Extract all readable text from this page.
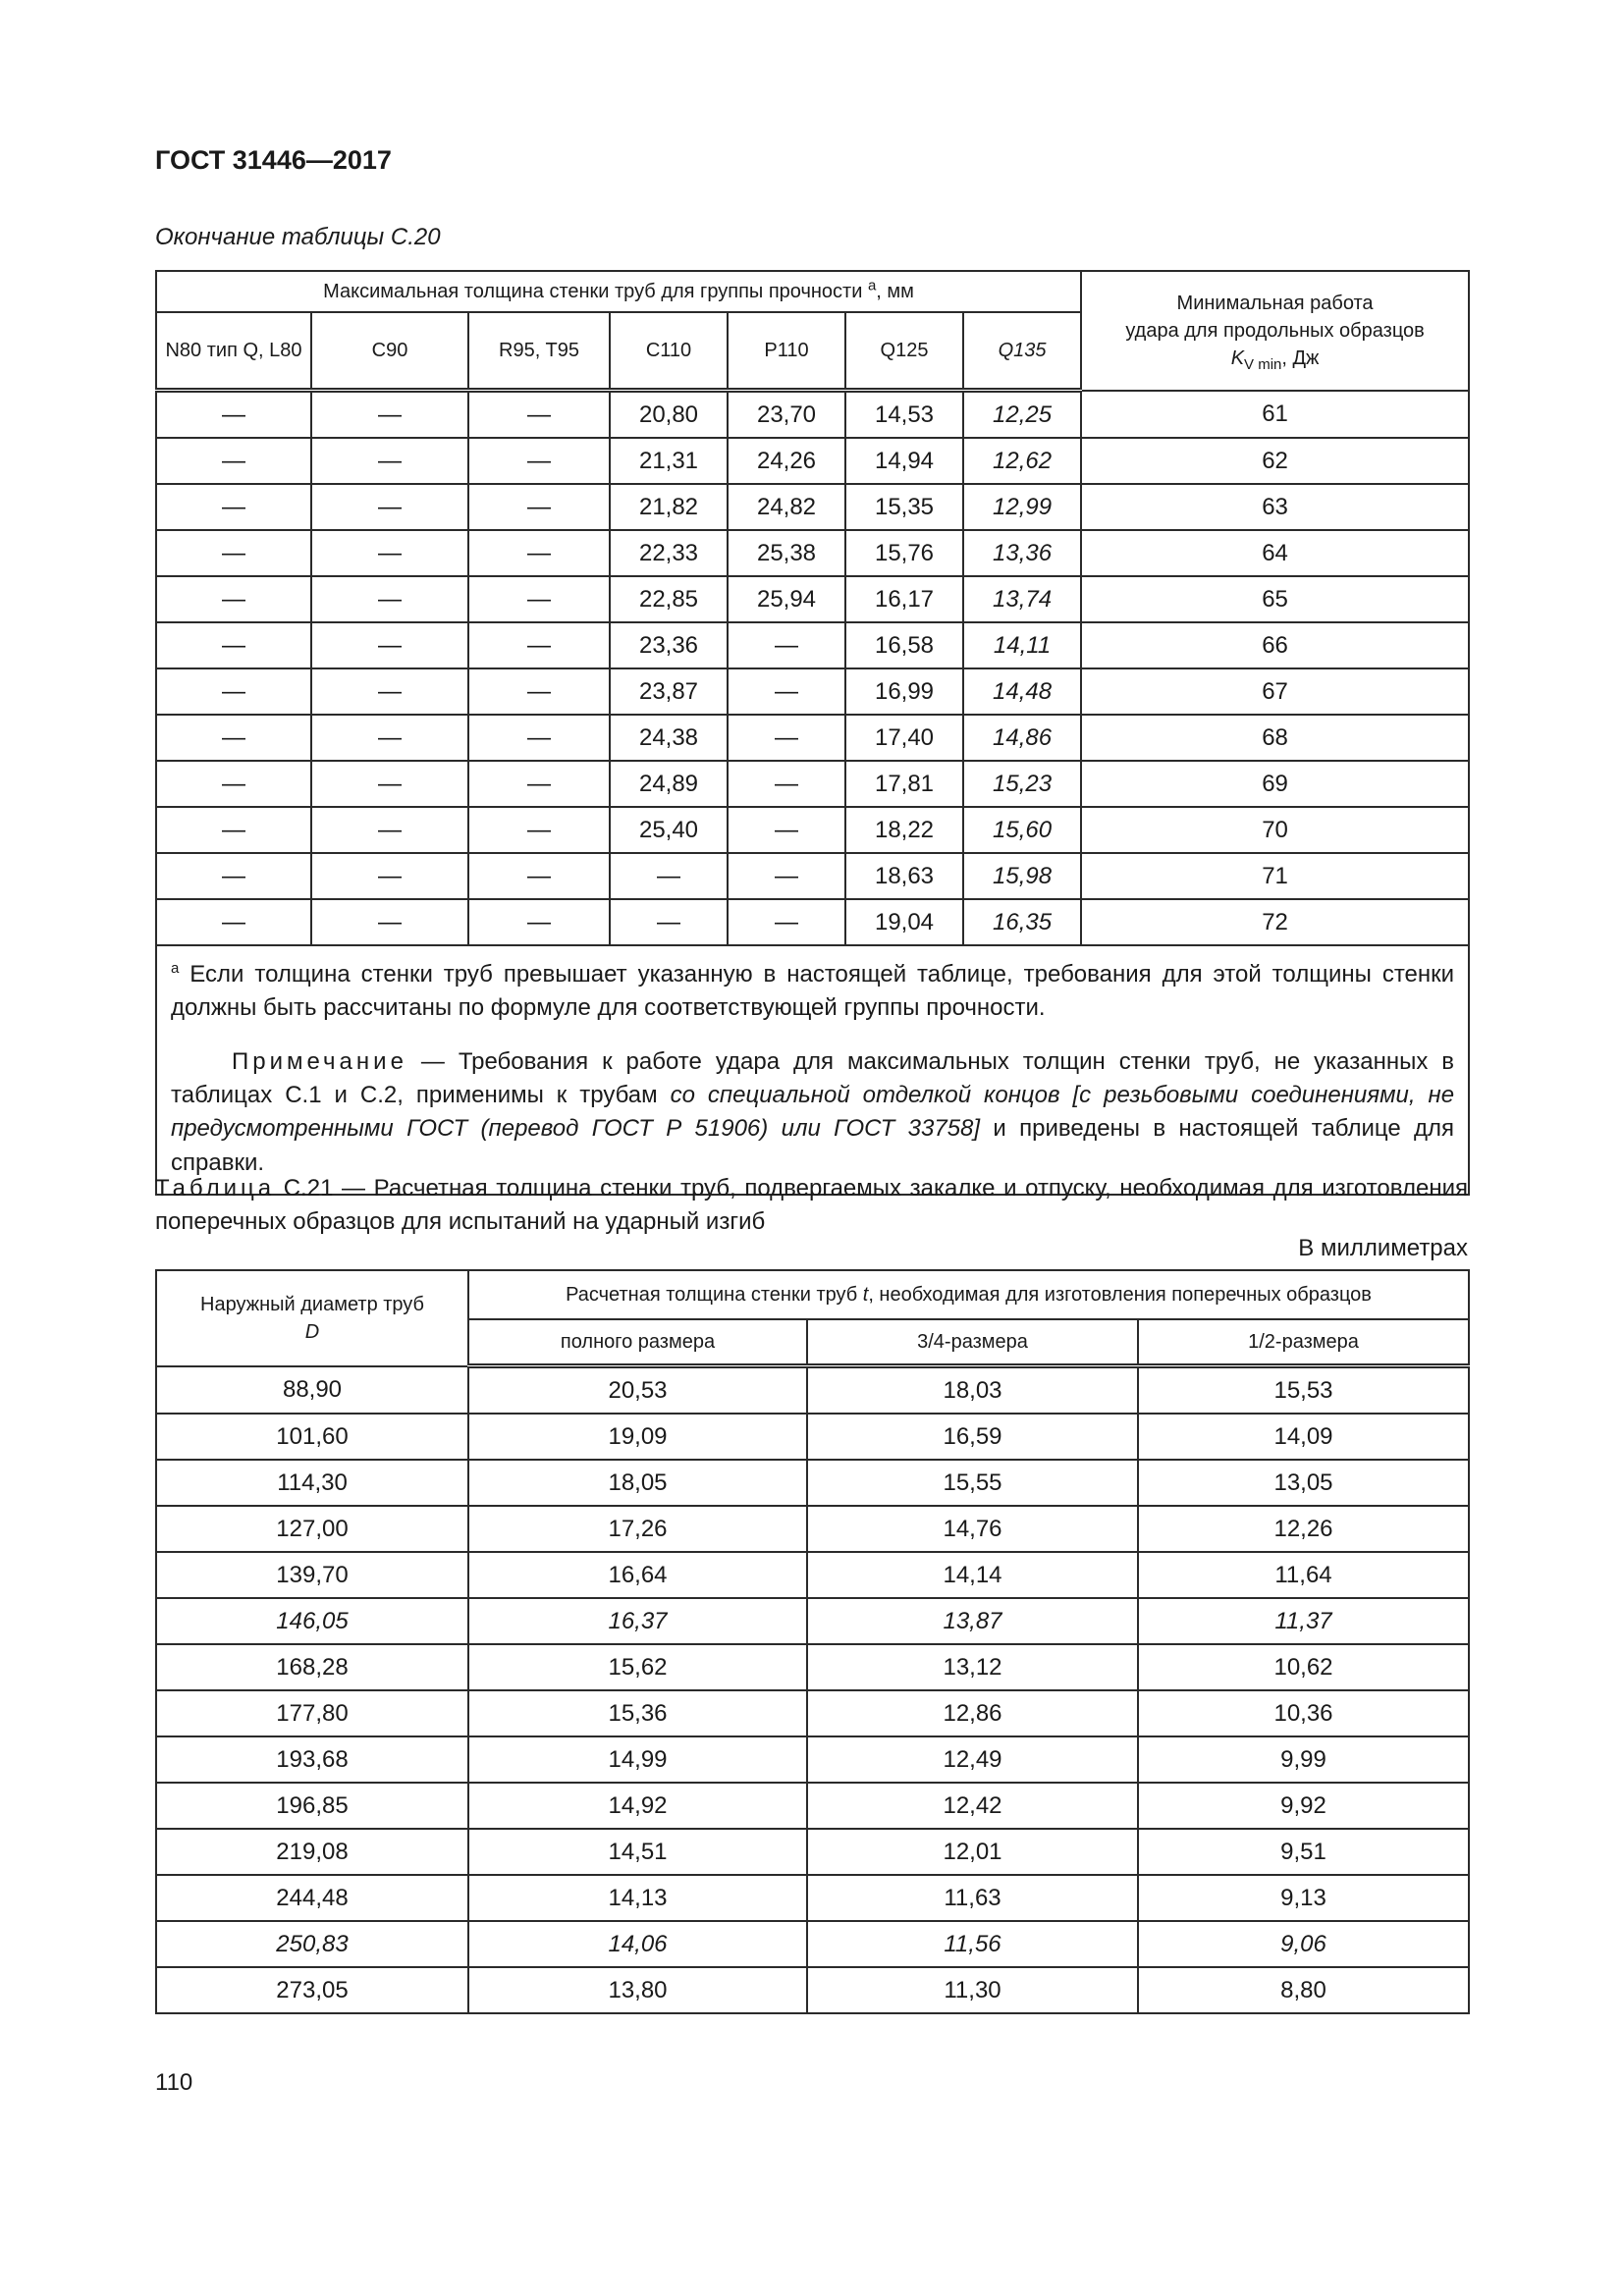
ГОСТ 31446—2017
Окончание таблицы С.20
Максимальная толщина стенки труб для группы прочности $^a$, мм							Минимальная работа
удара для продольных образцов
$K_{V min}$, Дж
N80 тип Q, L80	C90	R95, T95	C110	P110	Q125	Q135	
—	—	—	20,80	23,70	14,53	12,25	61
—	—	—	21,31	24,26	14,94	12,62	62
—	—	—	21,82	24,82	15,35	12,99	63
—	—	—	22,33	25,38	15,76	13,36	64
—	—	—	22,85	25,94	16,17	13,74	65
—	—	—	23,36	—	16,58	14,11	66
—	—	—	23,87	—	16,99	14,48	67
—	—	—	24,38	—	17,40	14,86	68
—	—	—	24,89	—	17,81	15,23	69
—	—	—	25,40	—	18,22	15,60	70
—	—	—	—	—	18,63	15,98	71
—	—	—	—	—	19,04	16,35	72

$^a$ Если толщина стенки труб превышает указанную в настоящей таблице, требования для этой толщины стенки должны быть рассчитаны по формуле для соответствующей группы прочности.

Примечание — Требования к работе удара для максимальных толщин стенки труб, не указанных в таблицах С.1 и С.2, применимы к трубам со специальной отделкой концов [с резьбовыми соединениями, не предусмотренными ГОСТ (перевод ГОСТ Р 51906) или ГОСТ 33758] и приведены в настоящей таблице для справки.							

Таблица С.21 — Расчетная толщина стенки труб, подвергаемых закалке и отпуску, необходимая для изготовления поперечных образцов для испытаний на ударный изгиб
В миллиметрах
Наружный диаметр труб
D	Расчетная толщина стенки труб t, необходимая для изготовления поперечных образцов		
	полного размера	3/4-размера	1/2-размера
88,90	20,53	18,03	15,53
101,60	19,09	16,59	14,09
114,30	18,05	15,55	13,05
127,00	17,26	14,76	12,26
139,70	16,64	14,14	11,64
146,05	16,37	13,87	11,37
168,28	15,62	13,12	10,62
177,80	15,36	12,86	10,36
193,68	14,99	12,49	9,99
196,85	14,92	12,42	9,92
219,08	14,51	12,01	9,51
244,48	14,13	11,63	9,13
250,83	14,06	11,56	9,06
273,05	13,80	11,30	8,80
110
